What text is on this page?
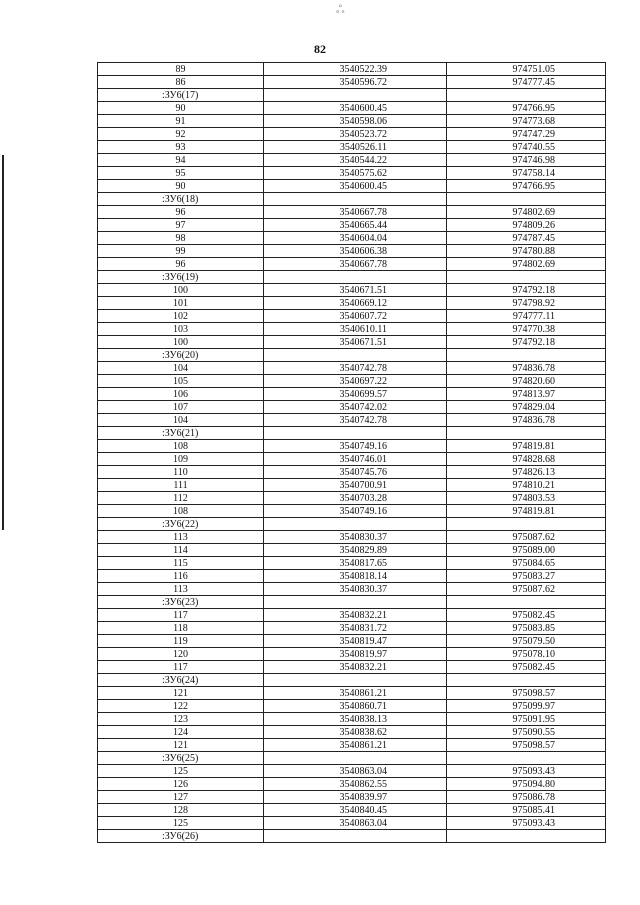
ஃ
82
89	3540522.39	974751.05
86	3540596.72	974777.45
:ЗУ6(17)		
90	3540600.45	974766.95
91	3540598.06	974773.68
92	3540523.72	974747.29
93	3540526.11	974740.55
94	3540544.22	974746.98
95	3540575.62	974758.14
90	3540600.45	974766.95
:ЗУ6(18)		
96	3540667.78	974802.69
97	3540665.44	974809.26
98	3540604.04	974787.45
99	3540606.38	974780.88
96	3540667.78	974802.69
:ЗУ6(19)		
100	3540671.51	974792.18
101	3540669.12	974798.92
102	3540607.72	974777.11
103	3540610.11	974770.38
100	3540671.51	974792.18
:ЗУ6(20)		
104	3540742.78	974836.78
105	3540697.22	974820.60
106	3540699.57	974813.97
107	3540742.02	974829.04
104	3540742.78	974836.78
:ЗУ6(21)		
108	3540749.16	974819.81
109	3540746.01	974828.68
110	3540745.76	974826.13
111	3540700.91	974810.21
112	3540703.28	974803.53
108	3540749.16	974819.81
:ЗУ6(22)		
113	3540830.37	975087.62
114	3540829.89	975089.00
115	3540817.65	975084.65
116	3540818.14	975083.27
113	3540830.37	975087.62
:ЗУ6(23)		
117	3540832.21	975082.45
118	3540831.72	975083.85
119	3540819.47	975079.50
120	3540819.97	975078.10
117	3540832.21	975082.45
:ЗУ6(24)		
121	3540861.21	975098.57
122	3540860.71	975099.97
123	3540838.13	975091.95
124	3540838.62	975090.55
121	3540861.21	975098.57
:ЗУ6(25)		
125	3540863.04	975093.43
126	3540862.55	975094.80
127	3540839.97	975086.78
128	3540840.45	975085.41
125	3540863.04	975093.43
:ЗУ6(26)		
